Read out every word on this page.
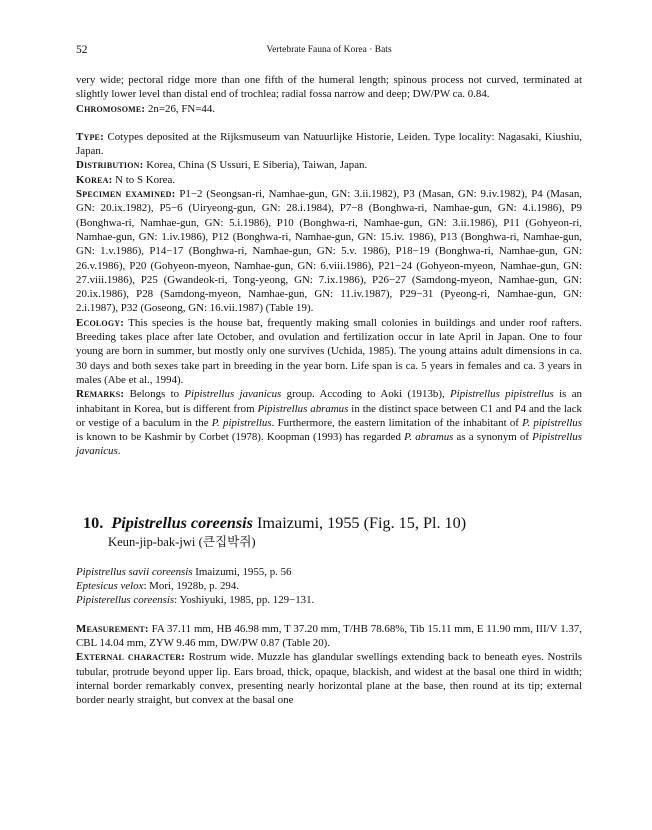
52	Vertebrate Fauna of Korea · Bats

very wide; pectoral ridge more than one fifth of the humeral length; spinous process not curved, terminated at slightly lower level than distal end of trochlea; radial fossa narrow and deep; DW/PW ca. 0.84.

Chromosome: 2n=26, FN=44.

Type: Cotypes deposited at the Rijksmuseum van Natuurlijke Historie, Leiden. Type locality: Nagasaki, Kiushiu, Japan.

Distribution: Korea, China (S Ussuri, E Siberia), Taiwan, Japan.

Korea: N to S Korea.

Specimen examined: P1−2 (Seongsan-ri, Namhae-gun, GN: 3.ii.1982), P3 (Masan, GN: 9.iv.1982), P4 (Masan, GN: 20.ix.1982), P5−6 (Uiryeong-gun, GN: 28.i.1984), P7−8 (Bonghwa-ri, Namhae-gun, GN: 4.i.1986), P9 (Bonghwa-ri, Namhae-gun, GN: 5.i.1986), P10 (Bonghwa-ri, Namhae-gun, GN: 3.ii.1986), P11 (Gohyeon-ri, Namhae-gun, GN: 1.iv.1986), P12 (Bonghwa-ri, Namhae-gun, GN: 15.iv. 1986), P13 (Bonghwa-ri, Namhae-gun, GN: 1.v.1986), P14−17 (Bonghwa-ri, Namhae-gun, GN: 5.v. 1986), P18−19 (Bonghwa-ri, Namhae-gun, GN: 26.v.1986), P20 (Gohyeon-myeon, Namhae-gun, GN: 6.viii.1986), P21−24 (Gohyeon-myeon, Namhae-gun, GN: 27.viii.1986), P25 (Gwandeok-ri, Tong-yeong, GN: 7.ix.1986), P26−27 (Samdong-myeon, Namhae-gun, GN: 20.ix.1986), P28 (Samdong-myeon, Namhae-gun, GN: 11.iv.1987), P29−31 (Pyeong-ri, Namhae-gun, GN: 2.i.1987), P32 (Goseong, GN: 16.vii.1987) (Table 19).

Ecology: This species is the house bat, frequently making small colonies in buildings and under roof rafters. Breeding takes place after late October, and ovulation and fertilization occur in late April in Japan. One to four young are born in summer, but mostly only one survives (Uchida, 1985). The young attains adult dimensions in ca. 30 days and both sexes take part in breeding in the year born. Life span is ca. 5 years in females and ca. 3 years in males (Abe et al., 1994).

Remarks: Belongs to Pipistrellus javanicus group. Accoding to Aoki (1913b), Pipistrellus pipistrellus is an inhabitant in Korea, but is different from Pipistrellus abramus in the distinct space between C1 and P4 and the lack or vestige of a baculum in the P. pipistrellus. Furthermore, the eastern limitation of the inhabitant of P. pipistrellus is known to be Kashmir by Corbet (1978). Koopman (1993) has regarded P. abramus as a synonym of Pipistrellus javanicus.

10. Pipistrellus coreensis Imaizumi, 1955 (Fig. 15, Pl. 10)
Keun-jip-bak-jwi (큰집박쥐)
Pipistrellus savii coreensis Imaizumi, 1955, p. 56
Eptesicus velox: Mori, 1928b, p. 294.
Pipisterellus coreensis: Yoshiyuki, 1985, pp. 129−131.

Measurement: FA 37.11 mm, HB 46.98 mm, T 37.20 mm, T/HB 78.68%, Tib 15.11 mm, E 11.90 mm, III/V 1.37, CBL 14.04 mm, ZYW 9.46 mm, DW/PW 0.87 (Table 20).

External character: Rostrum wide. Muzzle has glandular swellings extending back to beneath eyes. Nostrils tubular, protrude beyond upper lip. Ears broad, thick, opaque, blackish, and widest at the basal one third in width; internal border remarkably convex, presenting nearly horizontal plane at the base, then round at its tip; external border nearly straight, but convex at the basal one
